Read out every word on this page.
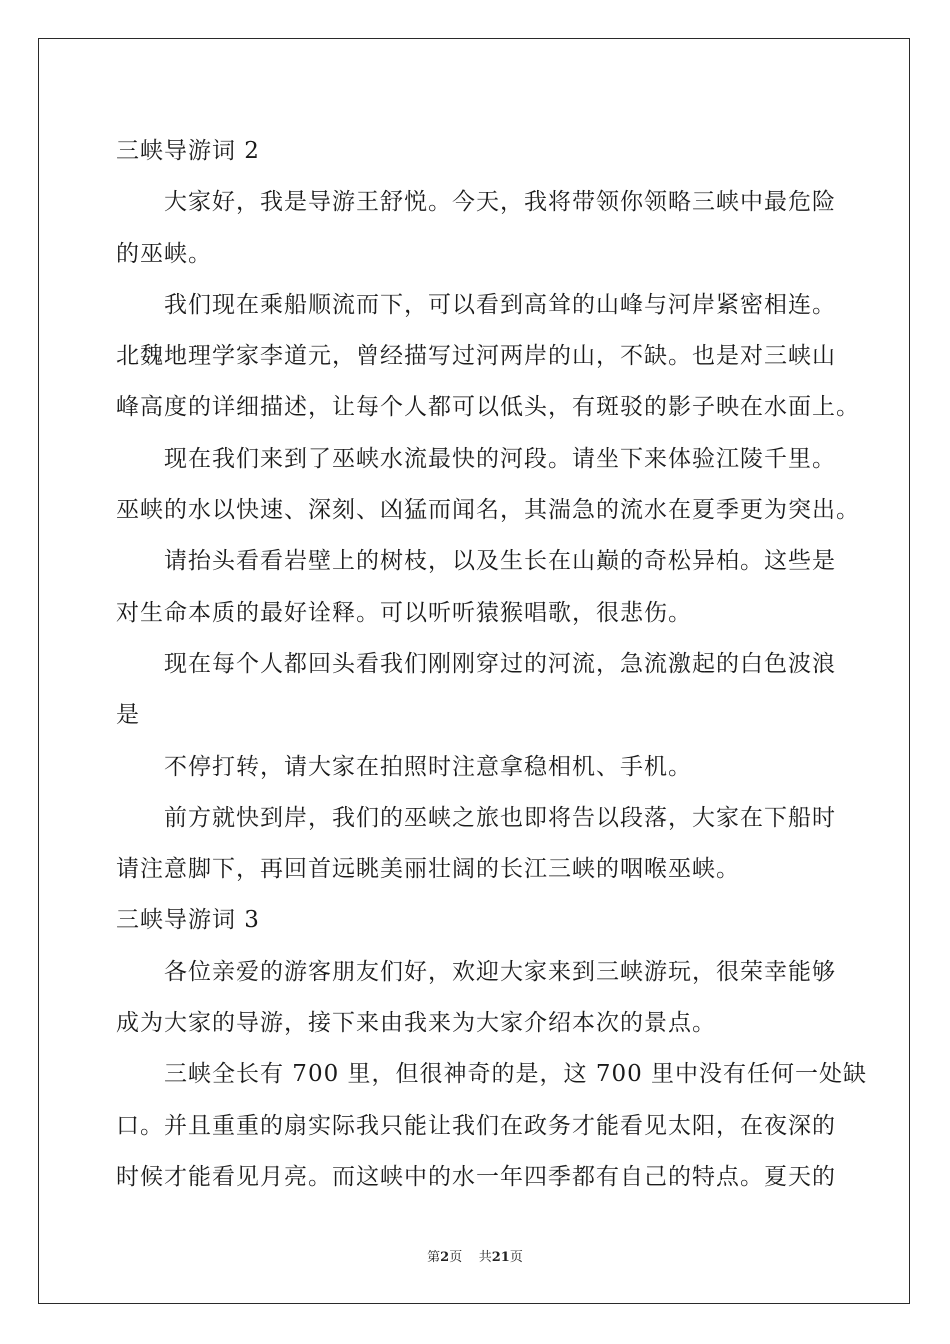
三峡导游词 2
大家好，我是导游王舒悦。今天，我将带领你领略三峡中最危险
的巫峡。
我们现在乘船顺流而下，可以看到高耸的山峰与河岸紧密相连。
北魏地理学家李道元，曾经描写过河两岸的山，不缺。也是对三峡山
峰高度的详细描述，让每个人都可以低头，有斑驳的影子映在水面上。
现在我们来到了巫峡水流最快的河段。请坐下来体验江陵千里。
巫峡的水以快速、深刻、凶猛而闻名，其湍急的流水在夏季更为突出。
请抬头看看岩壁上的树枝，以及生长在山巅的奇松异柏。这些是
对生命本质的最好诠释。可以听听猿猴唱歌，很悲伤。
现在每个人都回头看我们刚刚穿过的河流，急流激起的白色波浪
是
不停打转，请大家在拍照时注意拿稳相机、手机。
前方就快到岸，我们的巫峡之旅也即将告以段落，大家在下船时
请注意脚下，再回首远眺美丽壮阔的长江三峡的咽喉巫峡。
三峡导游词 3
各位亲爱的游客朋友们好，欢迎大家来到三峡游玩，很荣幸能够
成为大家的导游，接下来由我来为大家介绍本次的景点。
三峡全长有 700 里，但很神奇的是，这 700 里中没有任何一处缺
口。并且重重的扇实际我只能让我们在政务才能看见太阳，在夜深的
时候才能看见月亮。而这峡中的水一年四季都有自己的特点。夏天的
第2页 共21页
